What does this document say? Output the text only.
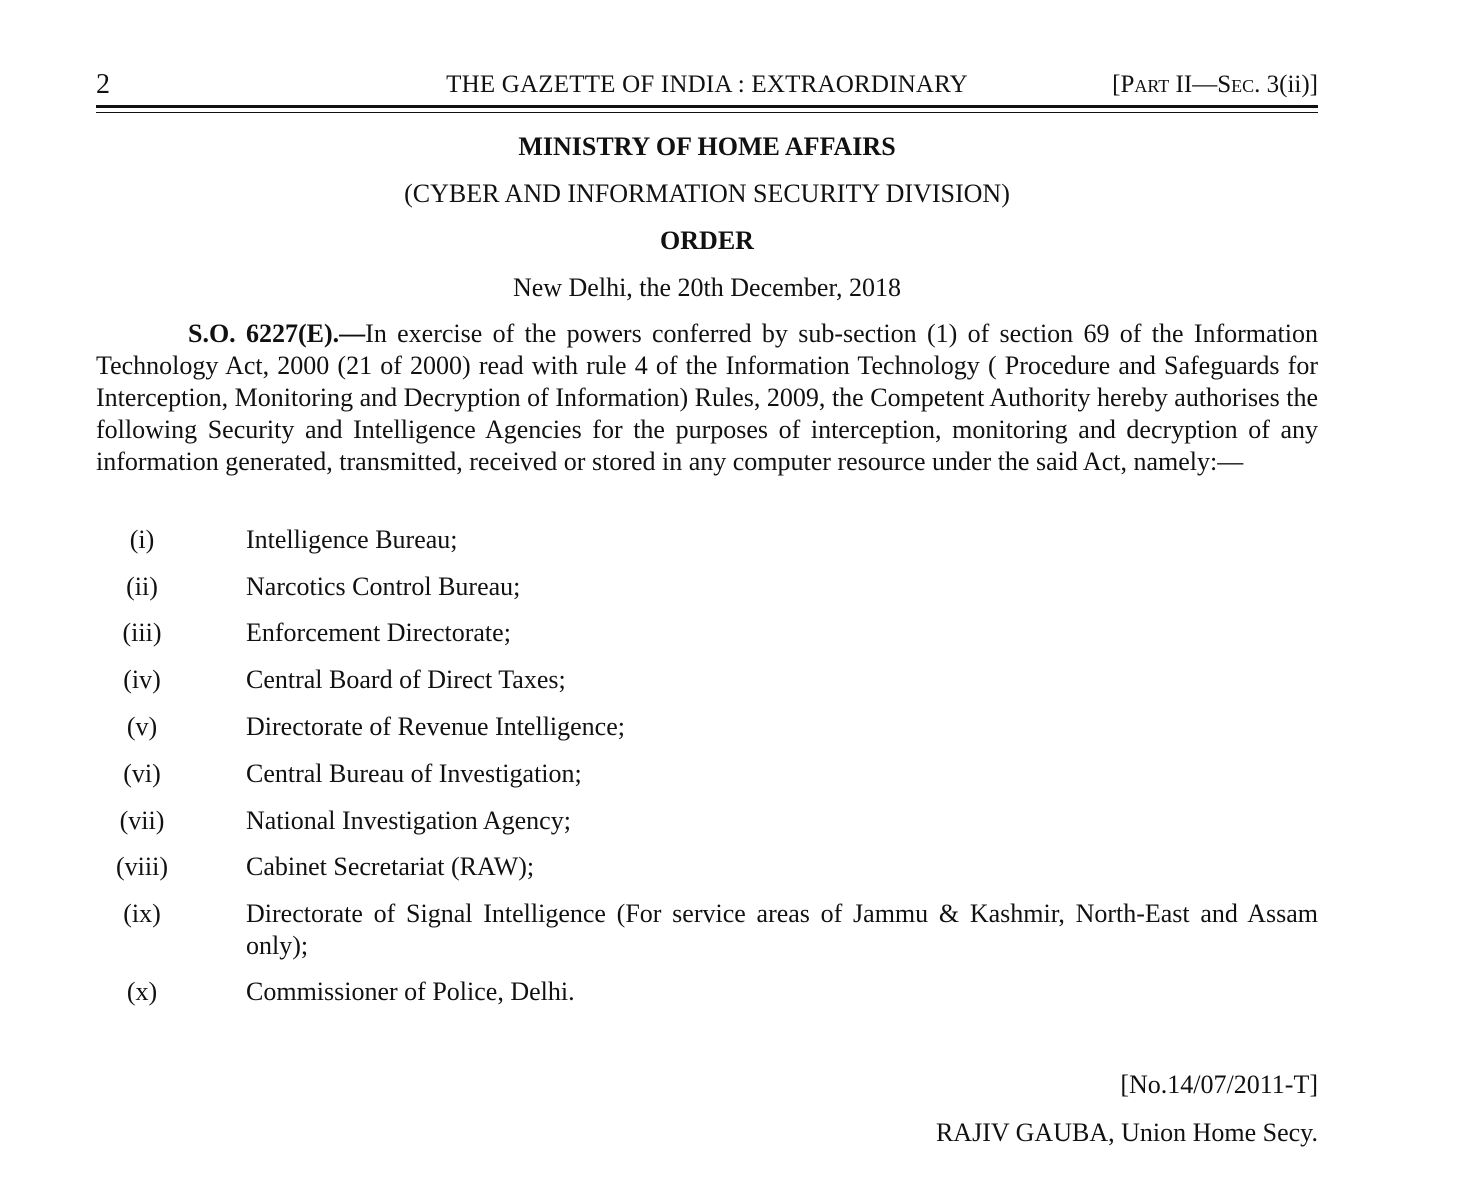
2	THE GAZETTE OF INDIA : EXTRAORDINARY	[Part II—Sec. 3(ii)]
MINISTRY OF HOME AFFAIRS
(CYBER AND INFORMATION SECURITY DIVISION)
ORDER
New Delhi, the 20th December, 2018
S.O. 6227(E).—In exercise of the powers conferred by sub-section (1) of section 69 of the Information Technology Act, 2000 (21 of 2000) read with rule 4 of the Information Technology ( Procedure and Safeguards for Interception, Monitoring and Decryption of Information) Rules, 2009, the Competent Authority hereby authorises the following Security and Intelligence Agencies for the purposes of interception, monitoring and decryption of any information generated, transmitted, received or stored in any computer resource under the said Act, namely:—
(i)	Intelligence Bureau;
(ii)	Narcotics Control Bureau;
(iii)	Enforcement Directorate;
(iv)	Central Board of Direct Taxes;
(v)	Directorate of Revenue Intelligence;
(vi)	Central Bureau of Investigation;
(vii)	National Investigation Agency;
(viii)	Cabinet Secretariat (RAW);
(ix)	Directorate of Signal Intelligence (For service areas of Jammu & Kashmir, North-East and Assam only);
(x)	Commissioner of Police, Delhi.
[No.14/07/2011-T]
RAJIV GAUBA, Union Home Secy.
